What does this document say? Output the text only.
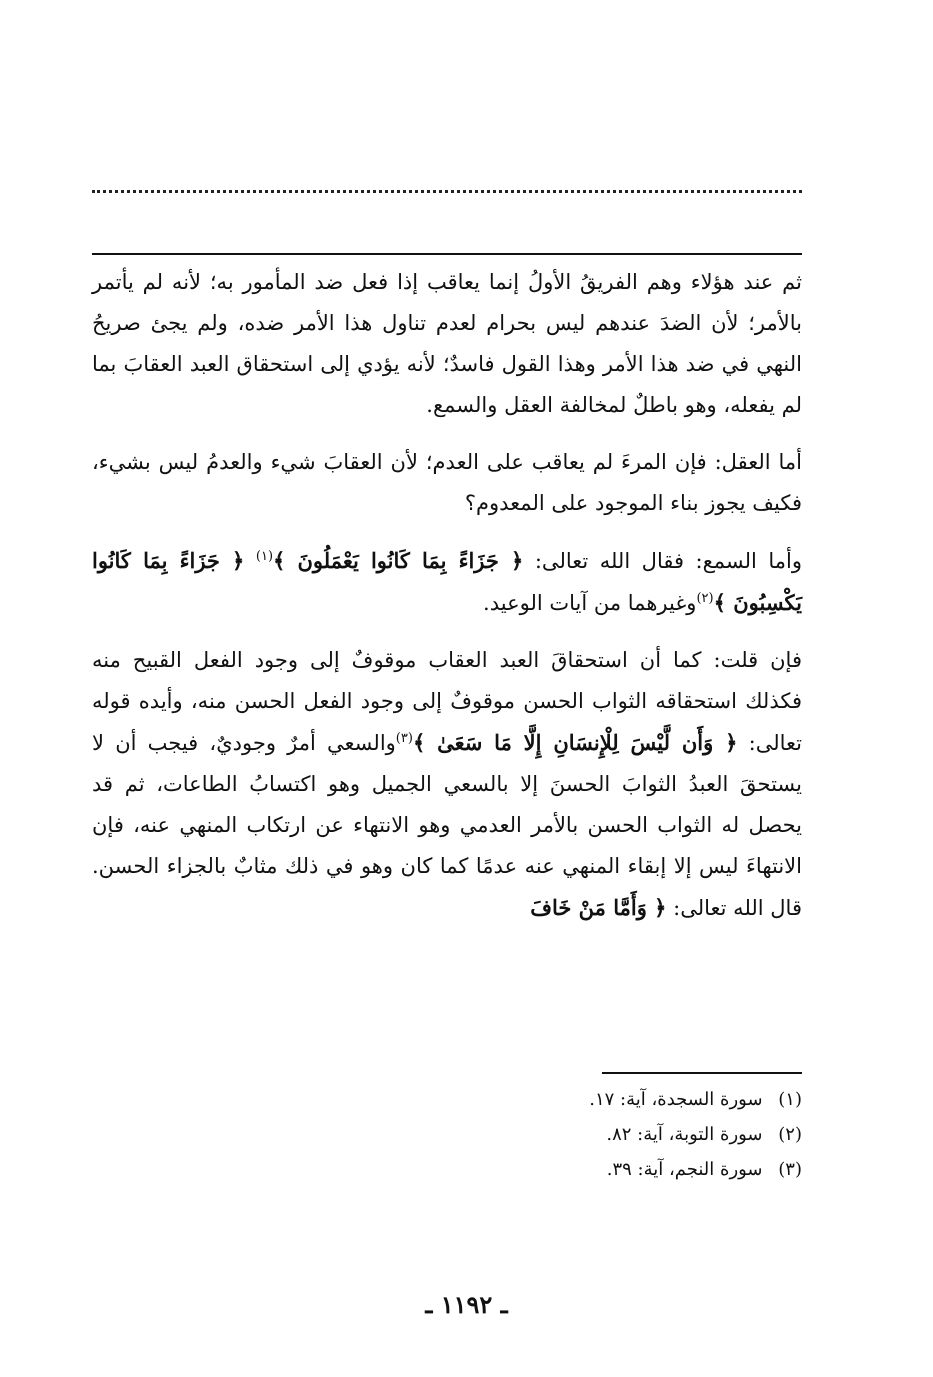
ثم عند هؤلاء وهم الفريقُ الأولُ إنما يعاقب إذا فعل ضد المأمور به؛ لأنه لم يأتمر بالأمر؛ لأن الضدَ عندهم ليس بحرام لعدم تناول هذا الأمر ضده، ولم يجئ صريحُ النهي في ضد هذا الأمر وهذا القول فاسدٌ؛ لأنه يؤدي إلى استحقاق العبد العقابَ بما لم يفعله، وهو باطلٌ لمخالفة العقل والسمع.

أما العقل: فإن المرءَ لم يعاقب على العدم؛ لأن العقابَ شيء والعدمُ ليس بشيء، فكيف يجوز بناء الموجود على المعدوم؟

وأما السمع: فقال الله تعالى: ﴿ جَزَاءً بِمَا كَانُوا يَعْمَلُونَ ﴾$^{(١)}$ ﴿ جَزَاءً بِمَا كَانُوا يَكْسِبُونَ ﴾$^{(٢)}$وغيرهما من آيات الوعيد.

فإن قلت: كما أن استحقاقَ العبد العقاب موقوفٌ إلى وجود الفعل القبيح منه فكذلك استحقاقه الثواب الحسن موقوفٌ إلى وجود الفعل الحسن منه، وأيده قوله تعالى: ﴿ وَأَن لَّيْسَ لِلْإِنسَانِ إِلَّا مَا سَعَىٰ ﴾$^{(٣)}$والسعي أمرٌ وجوديٌ، فيجب أن لا يستحقَ العبدُ الثوابَ الحسنَ إلا بالسعي الجميل وهو اكتسابُ الطاعات، ثم قد يحصل له الثواب الحسن بالأمر العدمي وهو الانتهاء عن ارتكاب المنهي عنه، فإن الانتهاءَ ليس إلا إبقاء المنهي عنه عدمًا كما كان وهو في ذلك مثابٌ بالجزاء الحسن. قال الله تعالى: ﴿ وَأَمَّا مَنْ خَافَ

(١) سورة السجدة، آية: ١٧.

(٢) سورة التوبة، آية: ٨٢.

(٣) سورة النجم، آية: ٣٩.

ـ ١١٩٢ ـ
